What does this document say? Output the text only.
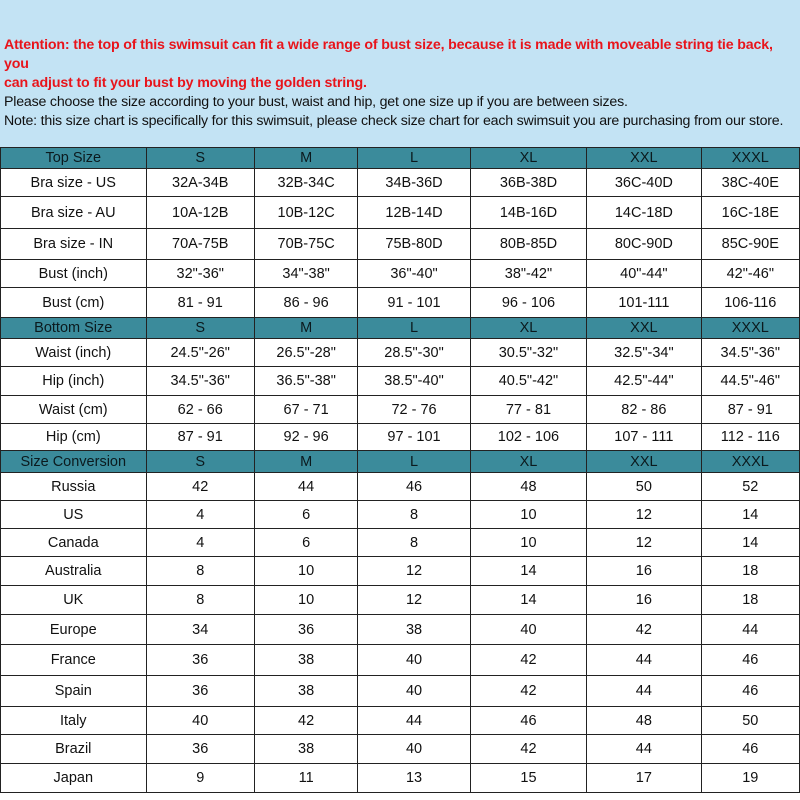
Attention: the top of this swimsuit can fit a wide range of bust size, because it is made with moveable string tie back, you

can adjust to fit your bust by moving the golden string.

Please choose the size according to your bust, waist and hip, get one size up if you are between sizes.

Note: this size chart is specifically for this swimsuit, please check size chart for each swimsuit you are purchasing from our store.

Top Size	S	M	L	XL	XXL	XXXL
Bra size - US	32A-34B	32B-34C	34B-36D	36B-38D	36C-40D	38C-40E
Bra size - AU	10A-12B	10B-12C	12B-14D	14B-16D	14C-18D	16C-18E
Bra size - IN	70A-75B	70B-75C	75B-80D	80B-85D	80C-90D	85C-90E
Bust (inch)	32"-36"	34"-38"	36"-40"	38"-42"	40"-44"	42"-46"
Bust (cm)	81 - 91	86 - 96	91 - 101	96 - 106	101-111	106-116
Bottom Size	S	M	L	XL	XXL	XXXL
Waist (inch)	24.5"-26"	26.5"-28"	28.5"-30"	30.5"-32"	32.5"-34"	34.5"-36"
Hip (inch)	34.5"-36"	36.5"-38"	38.5"-40"	40.5"-42"	42.5"-44"	44.5"-46"
Waist (cm)	62 - 66	67 - 71	72 - 76	77 - 81	82 - 86	87 - 91
Hip (cm)	87 - 91	92 - 96	97 - 101	102 - 106	107 - 111	112 - 116
Size Conversion	S	M	L	XL	XXL	XXXL
Russia	42	44	46	48	50	52
US	4	6	8	10	12	14
Canada	4	6	8	10	12	14
Australia	8	10	12	14	16	18
UK	8	10	12	14	16	18
Europe	34	36	38	40	42	44
France	36	38	40	42	44	46
Spain	36	38	40	42	44	46
Italy	40	42	44	46	48	50
Brazil	36	38	40	42	44	46
Japan	9	11	13	15	17	19
